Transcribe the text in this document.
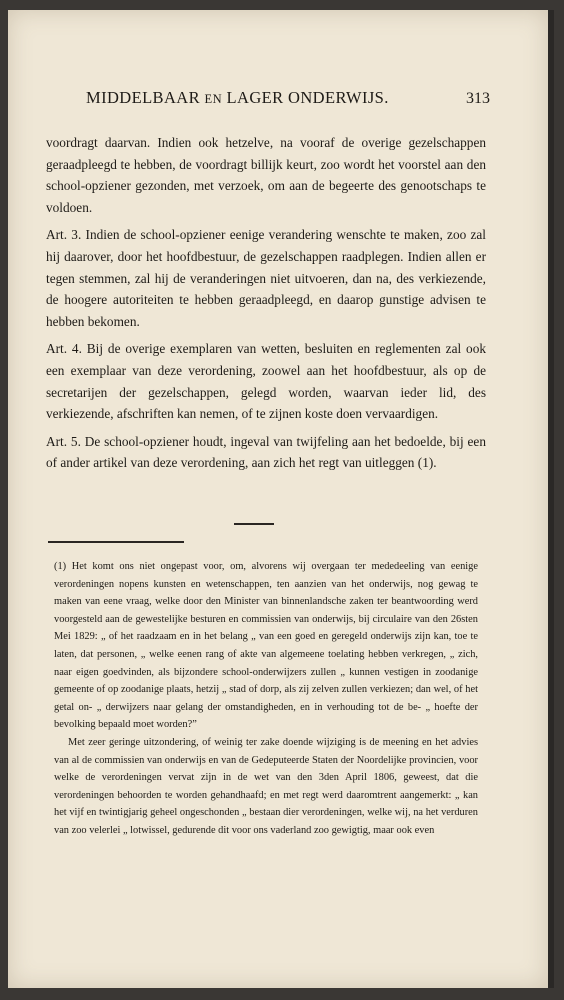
MIDDELBAAR EN LAGER ONDERWIJS.	313

voordragt daarvan. Indien ook hetzelve, na vooraf de overige gezelschappen geraadpleegd te hebben, de voordragt billijk keurt, zoo wordt het voorstel aan den school-opziener gezonden, met verzoek, om aan de begeerte des genootschaps te voldoen.

Art. 3. Indien de school-opziener eenige verandering wenschte te maken, zoo zal hij daarover, door het hoofdbestuur, de gezelschappen raadplegen. Indien allen er tegen stemmen, zal hij de veranderingen niet uitvoeren, dan na, des verkiezende, de hoogere autoriteiten te hebben geraadpleegd, en daarop gunstige advisen te hebben bekomen.

Art. 4. Bij de overige exemplaren van wetten, besluiten en reglementen zal ook een exemplaar van deze verordening, zoowel aan het hoofdbestuur, als op de secretarijen der gezelschappen, gelegd worden, waarvan ieder lid, des verkiezende, afschriften kan nemen, of te zijnen koste doen vervaardigen.

Art. 5. De school-opziener houdt, ingeval van twijfeling aan het bedoelde, bij een of ander artikel van deze verordening, aan zich het regt van uitleggen (1).

(1) Het komt ons niet ongepast voor, om, alvorens wij overgaan ter mededeeling van eenige verordeningen nopens kunsten en wetenschappen, ten aanzien van het onderwijs, nog gewag te maken van eene vraag, welke door den Minister van binnenlandsche zaken ter beantwoording werd voorgesteld aan de gewestelijke besturen en commissien van onderwijs, bij circulaire van den 26sten Mei 1829: „ of het raadzaam en in het belang „ van een goed en geregeld onderwijs zijn kan, toe te laten, dat personen, „ welke eenen rang of akte van algemeene toelating hebben verkregen, „ zich, naar eigen goedvinden, als bijzondere school-onderwijzers zullen „ kunnen vestigen in zoodanige gemeente of op zoodanige plaats, hetzij „ stad of dorp, als zij zelven zullen verkiezen; dan wel, of het getal on- „ derwijzers naar gelang der omstandigheden, en in verhouding tot de be- „ hoefte der bevolking bepaald moet worden?”

Met zeer geringe uitzondering, of weinig ter zake doende wijziging is de meening en het advies van al de commissien van onderwijs en van de Gedeputeerde Staten der Noordelijke provincien, voor welke de verordeningen vervat zijn in de wet van den 3den April 1806, geweest, dat die verordeningen behoorden te worden gehandhaafd; en met regt werd daaromtrent aangemerkt: „ kan het vijf en twintigjarig geheel ongeschonden „ bestaan dier verordeningen, welke wij, na het verduren van zoo velerlei „ lotwissel, gedurende dit voor ons vaderland zoo gewigtig, maar ook even
